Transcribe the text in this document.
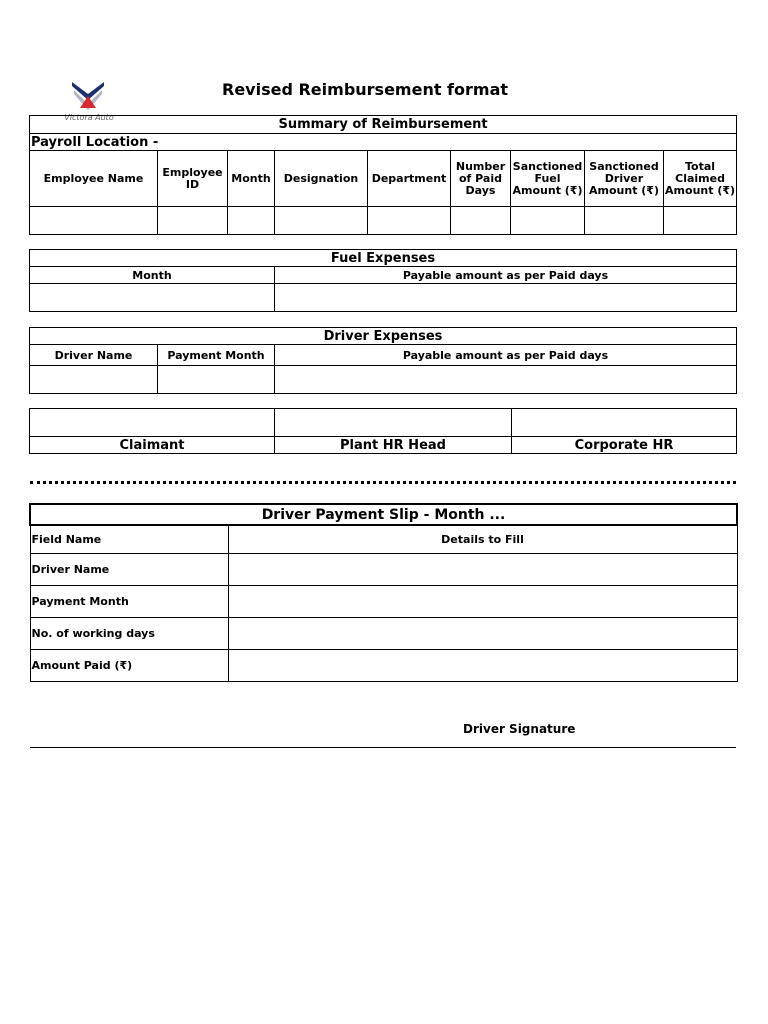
Victora Auto
Revised Reimbursement format
Summary of Reimbursement								
Payroll Location -								
Employee Name	Employee ID	Month	Designation	Department	Number of Paid Days	Sanctioned Fuel Amount (₹)	Sanctioned Driver Amount (₹)	Total Claimed Amount (₹)

Fuel Expenses	
Month	Payable amount as per Paid days

Driver Expenses		
Driver Name	Payment Month	Payable amount as per Paid days

Claimant	Plant HR Head	Corporate HR
Driver Payment Slip - Month ...	
Field Name	Details to Fill
Driver Name	
Payment Month	
No. of working days	
Amount Paid (₹)	
Driver Signature
